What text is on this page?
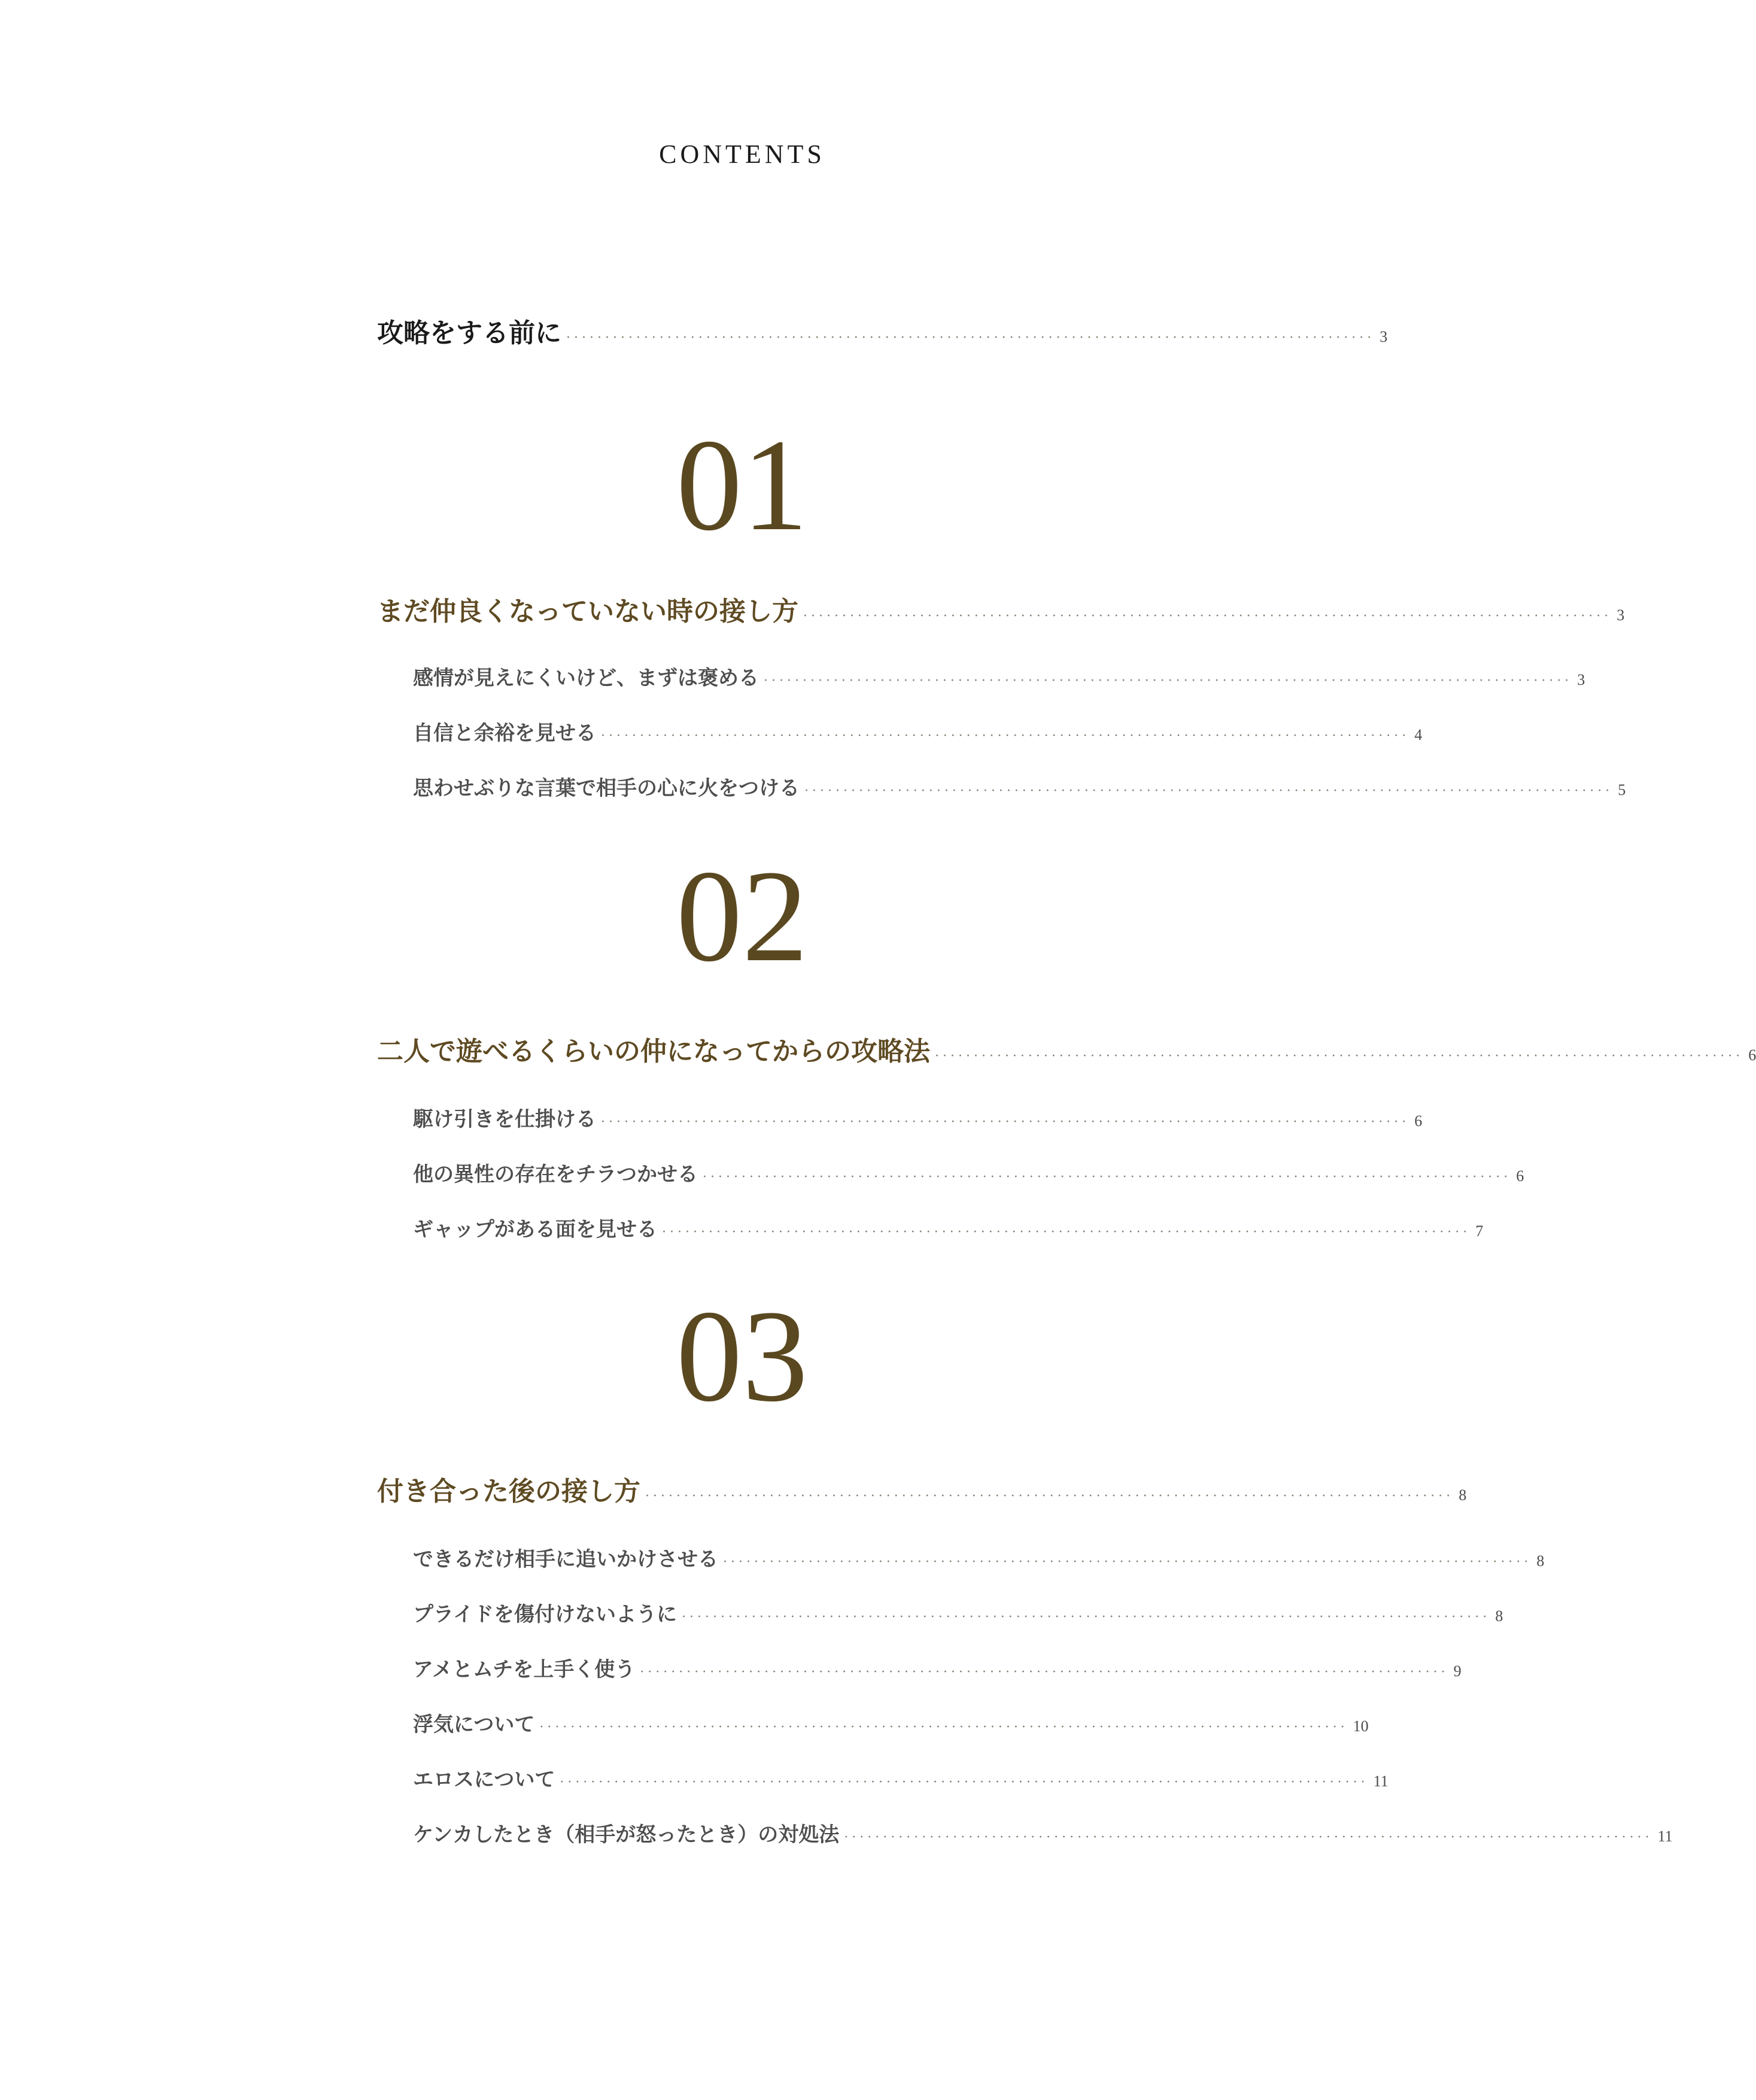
CONTENTS
攻略をする前に ········································································································ 3
01
まだ仲良くなっていない時の接し方 ········································································································ 3
感情が見えにくいけど、まずは褒める ········································································································ 3
自信と余裕を見せる ········································································································ 4
思わせぶりな言葉で相手の心に火をつける ········································································································ 5
02
二人で遊べるくらいの仲になってからの攻略法 ········································································································ 6
駆け引きを仕掛ける ········································································································ 6
他の異性の存在をチラつかせる ········································································································ 6
ギャップがある面を見せる ········································································································ 7
03
付き合った後の接し方 ········································································································ 8
できるだけ相手に追いかけさせる ········································································································ 8
プライドを傷付けないように ········································································································ 8
アメとムチを上手く使う ········································································································ 9
浮気について ········································································································ 10
エロスについて ········································································································ 11
ケンカしたとき（相手が怒ったとき）の対処法 ········································································································ 11
